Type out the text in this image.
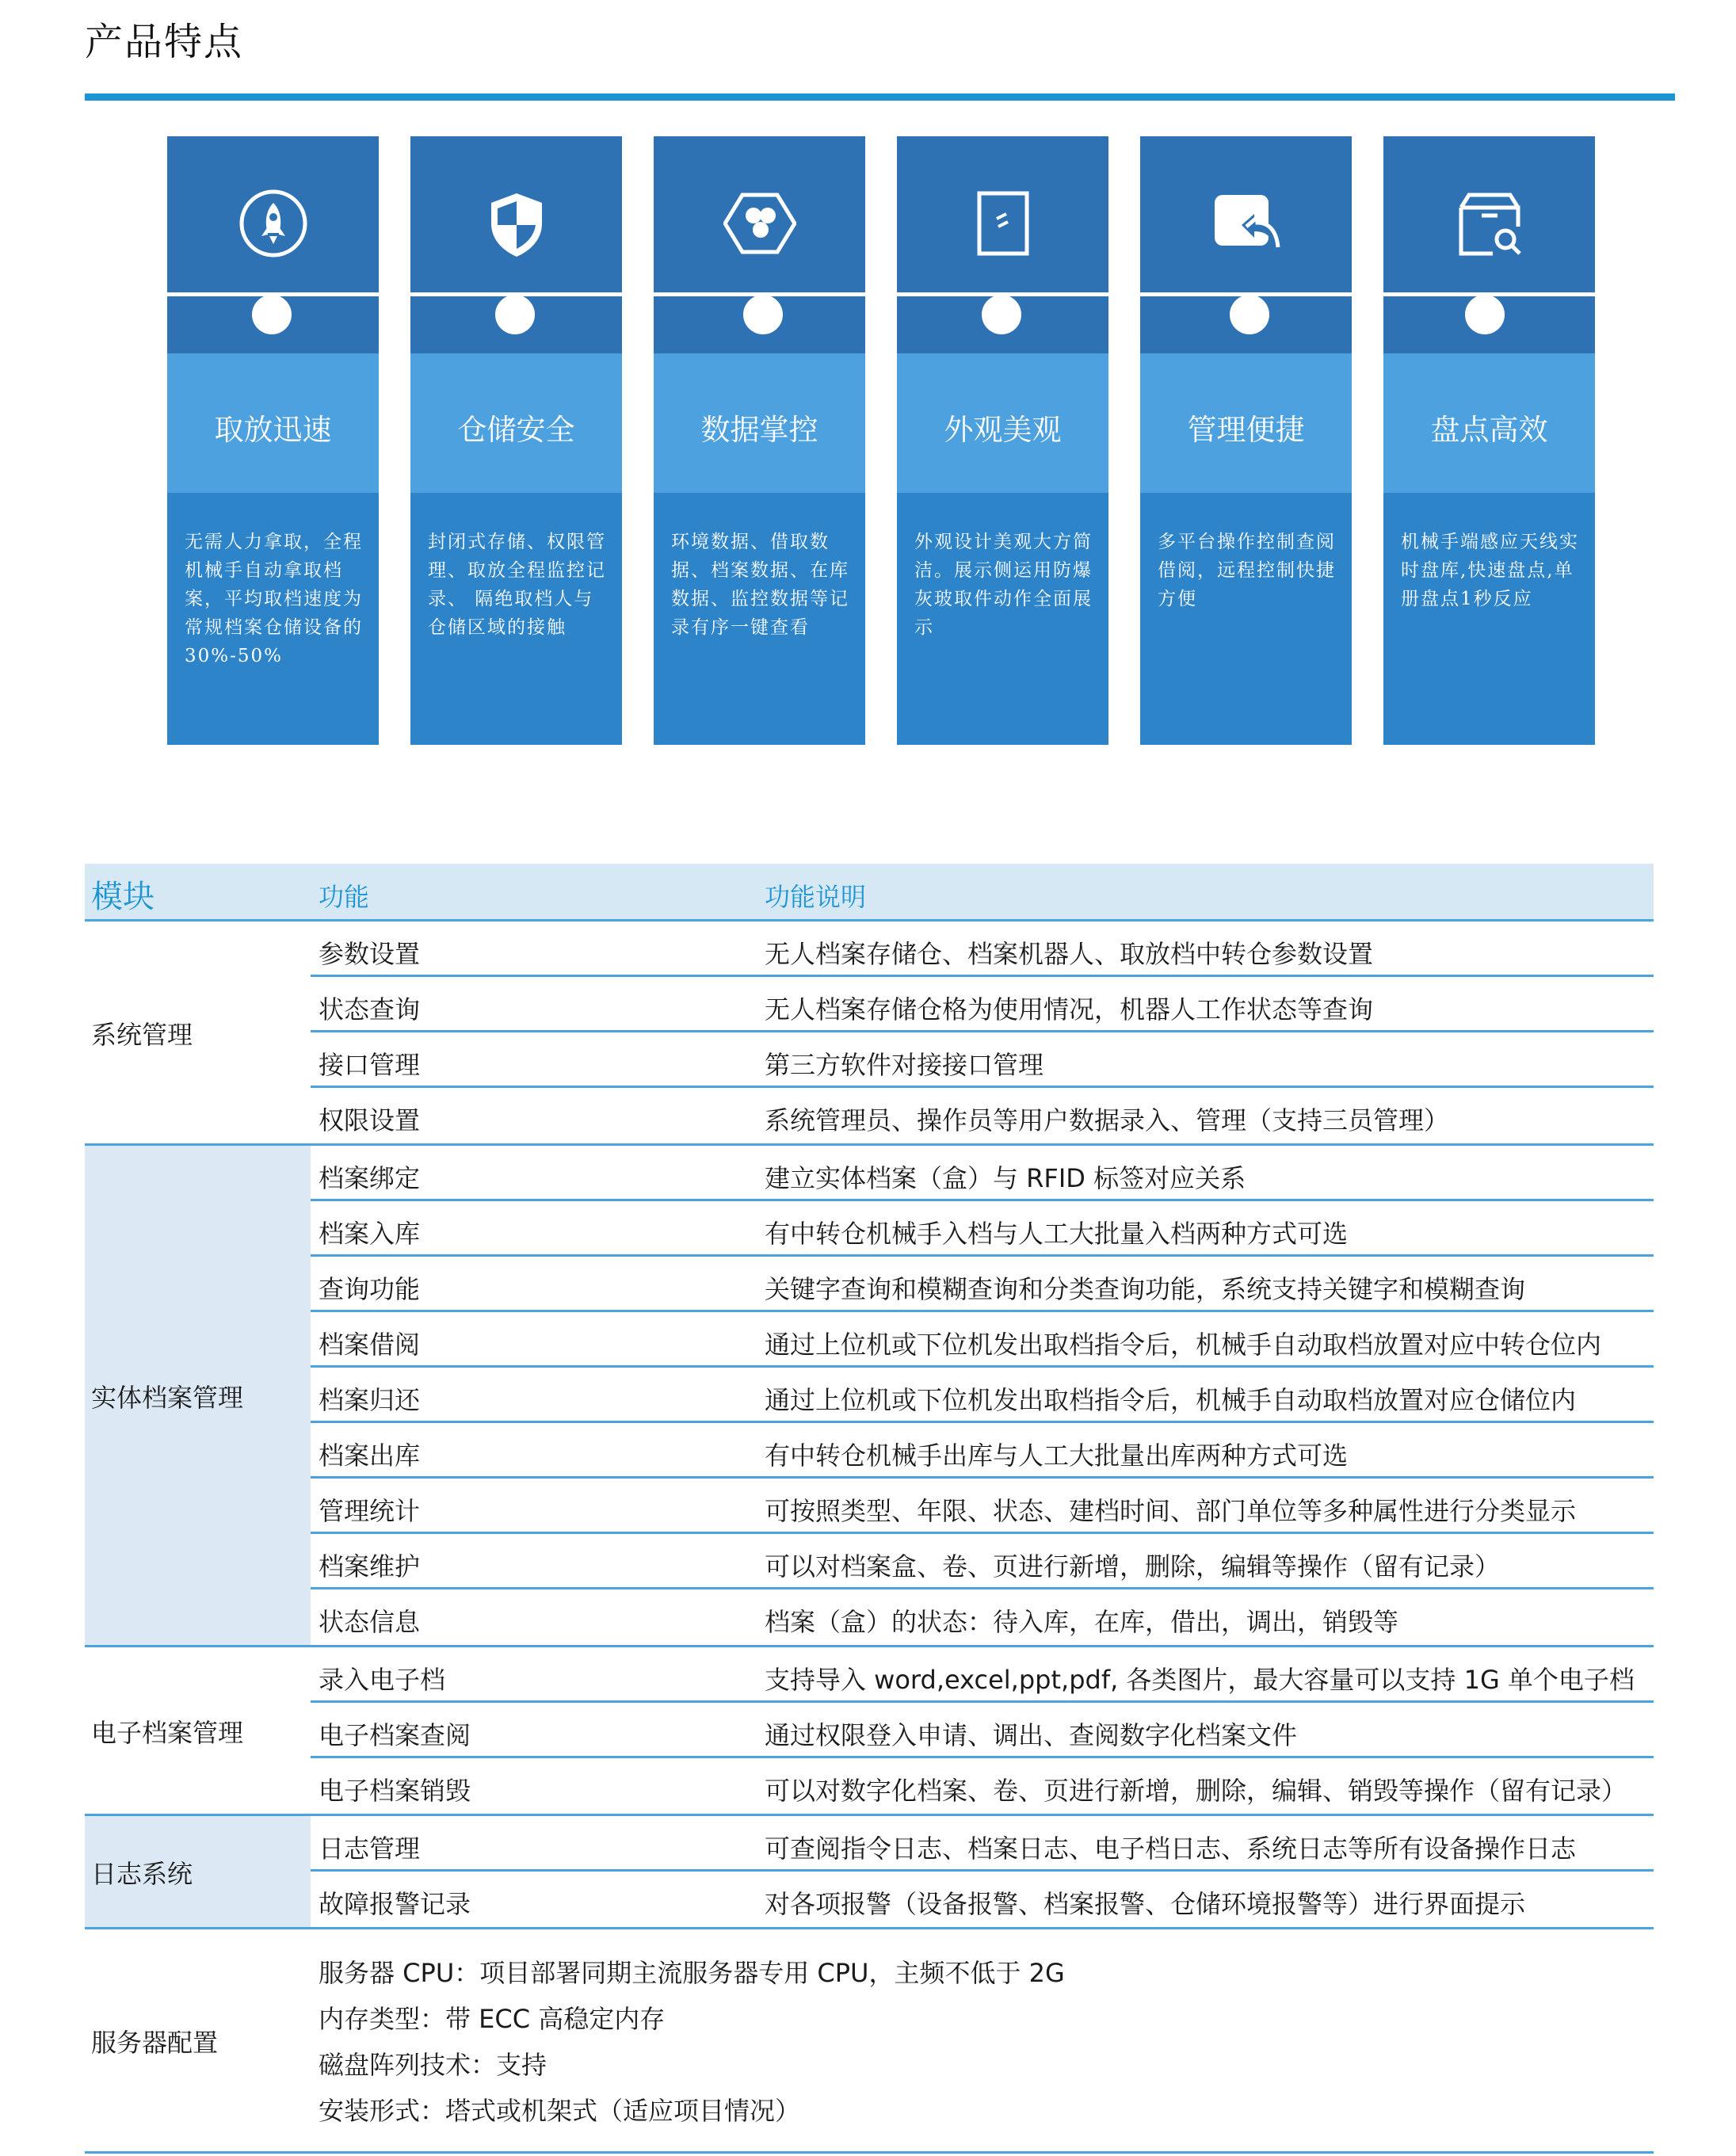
产品特点
取放迅速
无需人力拿取，全程机械手自动拿取档案，平均取档速度为常规档案仓储设备的30%-50%
仓储安全
封闭式存储、权限管理、取放全程监控记录、 隔绝取档人与仓储区域的接触
数据掌控
环境数据、借取数据、档案数据、在库数据、监控数据等记录有序一键查看
外观美观
外观设计美观大方简洁。展示侧运用防爆灰玻取件动作全面展示
管理便捷
多平台操作控制查阅借阅，远程控制快捷方便
盘点高效
机械手端感应天线实时盘库,快速盘点,单册盘点1秒反应
模块	功能	功能说明
系统管理
参数设置	无人档案存储仓、档案机器人、取放档中转仓参数设置
状态查询	无人档案存储仓格为使用情况，机器人工作状态等查询
接口管理	第三方软件对接接口管理
权限设置	系统管理员、操作员等用户数据录入、管理（支持三员管理）
实体档案管理
档案绑定	建立实体档案（盒）与 RFID 标签对应关系
档案入库	有中转仓机械手入档与人工大批量入档两种方式可选
查询功能	关键字查询和模糊查询和分类查询功能，系统支持关键字和模糊查询
档案借阅	通过上位机或下位机发出取档指令后，机械手自动取档放置对应中转仓位内
档案归还	通过上位机或下位机发出取档指令后，机械手自动取档放置对应仓储位内
档案出库	有中转仓机械手出库与人工大批量出库两种方式可选
管理统计	可按照类型、年限、状态、建档时间、部门单位等多种属性进行分类显示
档案维护	可以对档案盒、卷、页进行新增，删除，编辑等操作（留有记录）
状态信息	档案（盒）的状态：待入库，在库，借出，调出，销毁等
电子档案管理
录入电子档	支持导入 word,excel,ppt,pdf, 各类图片，最大容量可以支持 1G 单个电子档
电子档案查阅	通过权限登入申请、调出、查阅数字化档案文件
电子档案销毁	可以对数字化档案、卷、页进行新增，删除，编辑、销毁等操作（留有记录）
日志系统
日志管理	可查阅指令日志、档案日志、电子档日志、系统日志等所有设备操作日志
故障报警记录	对各项报警（设备报警、档案报警、仓储环境报警等）进行界面提示
服务器配置
服务器 CPU：项目部署同期主流服务器专用 CPU，主频不低于 2G
内存类型：带 ECC 高稳定内存
磁盘阵列技术：支持
安装形式：塔式或机架式（适应项目情况）
